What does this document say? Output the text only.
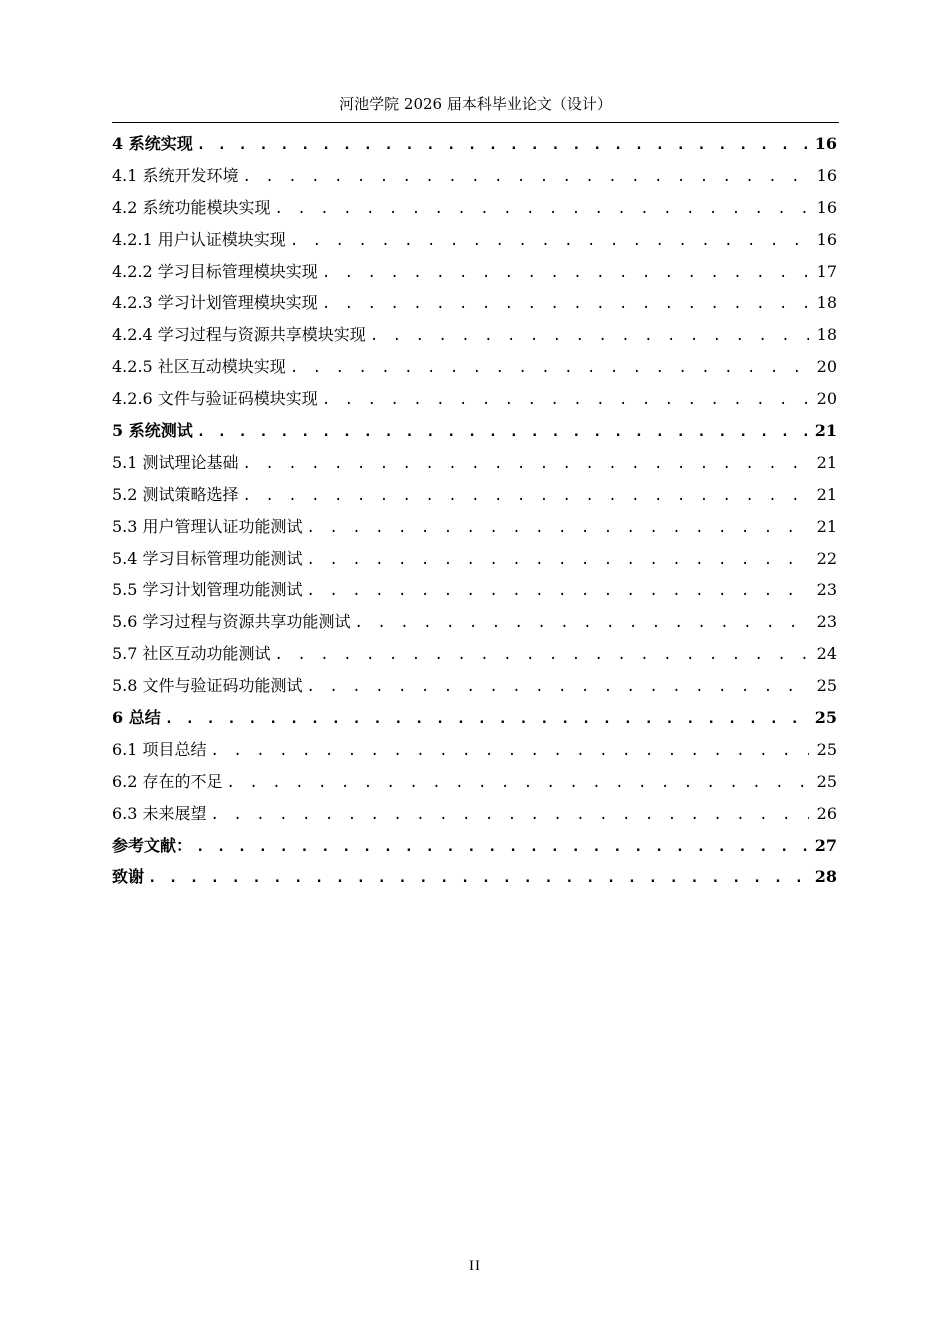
河池学院 2026 届本科毕业论文（设计）
4 系统实现 . . .	16
4.1 系统开发环境 . . .	16
4.2 系统功能模块实现 . . .	16
4.2.1 用户认证模块实现 . . .	16
4.2.2 学习目标管理模块实现 . . .	17
4.2.3 学习计划管理模块实现 . . .	18
4.2.4 学习过程与资源共享模块实现 . . .	18
4.2.5 社区互动模块实现 . . .	20
4.2.6 文件与验证码模块实现 . . .	20
5 系统测试 . . .	21
5.1 测试理论基础 . . .	21
5.2 测试策略选择 . . .	21
5.3 用户管理认证功能测试 . . .	21
5.4 学习目标管理功能测试 . . .	22
5.5 学习计划管理功能测试 . . .	23
5.6 学习过程与资源共享功能测试 . . .	23
5.7 社区互动功能测试 . . .	24
5.8 文件与验证码功能测试 . . .	25
6 总结 . . .	25
6.1 项目总结 . . .	25
6.2 存在的不足 . . .	25
6.3 未来展望 . . .	26
参考文献： . . .	27
致谢 . . .	28
II
